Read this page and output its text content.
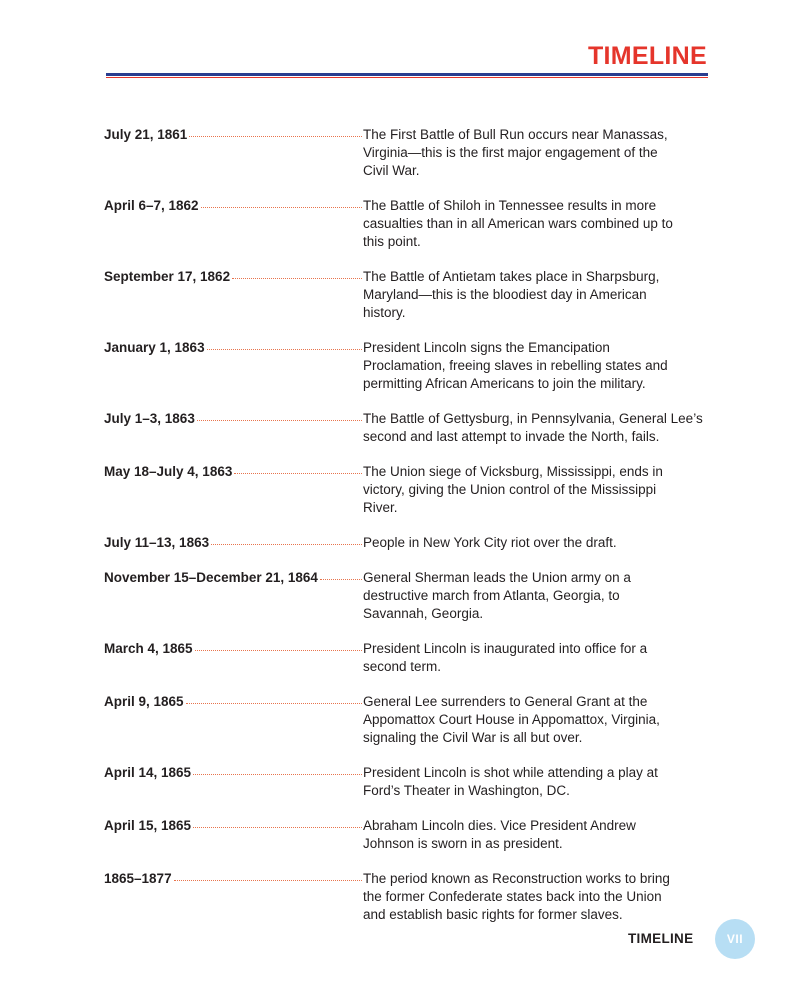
TIMELINE
July 21, 1861	The First Battle of Bull Run occurs near Manassas,
Virginia—this is the first major engagement of the
Civil War.
April 6–7, 1862	The Battle of Shiloh in Tennessee results in more
casualties than in all American wars combined up to
this point.
September 17, 1862	The Battle of Antietam takes place in Sharpsburg,
Maryland—this is the bloodiest day in American
history.
January 1, 1863	President Lincoln signs the Emancipation
Proclamation, freeing slaves in rebelling states and
permitting African Americans to join the military.
July 1–3, 1863	The Battle of Gettysburg, in Pennsylvania, General Lee’s
second and last attempt to invade the North, fails.
May 18–July 4, 1863	The Union siege of Vicksburg, Mississippi, ends in
victory, giving the Union control of the Mississippi
River.
July 11–13, 1863	People in New York City riot over the draft.
November 15–December 21, 1864	General Sherman leads the Union army on a
destructive march from Atlanta, Georgia, to
Savannah, Georgia.
March 4, 1865	President Lincoln is inaugurated into office for a
second term.
April 9, 1865	General Lee surrenders to General Grant at the
Appomattox Court House in Appomattox, Virginia,
signaling the Civil War is all but over.
April 14, 1865	President Lincoln is shot while attending a play at
Ford’s Theater in Washington, DC.
April 15, 1865	Abraham Lincoln dies. Vice President Andrew
Johnson is sworn in as president.
1865–1877	The period known as Reconstruction works to bring
the former Confederate states back into the Union
and establish basic rights for former slaves.
TIMELINE	VII
